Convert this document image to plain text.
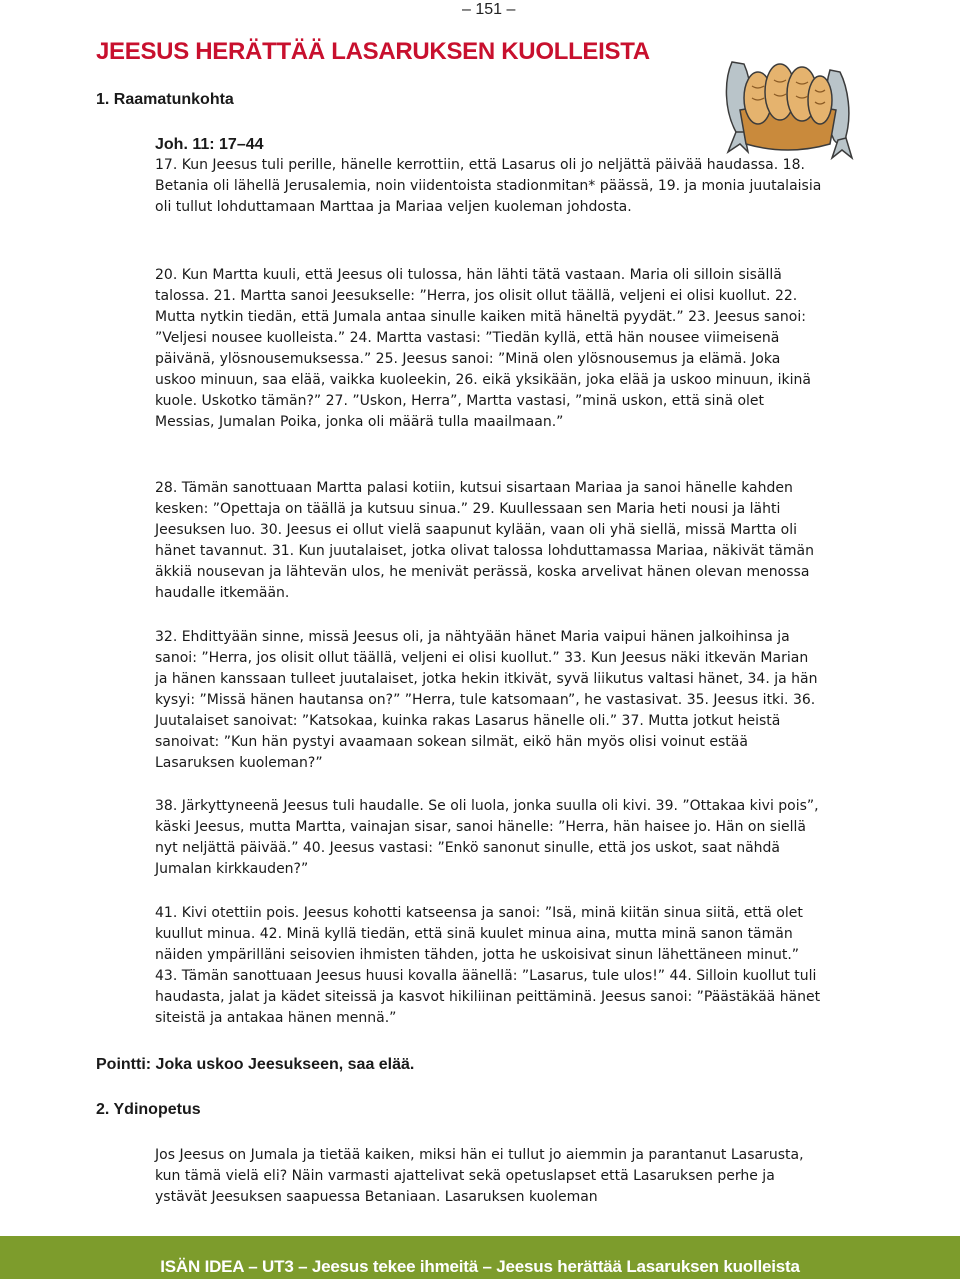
– 151 –
JEESUS HERÄTTÄÄ LASARUKSEN KUOLLEISTA
1. Raamatunkohta
Joh. 11: 17–44

17. Kun Jeesus tuli perille, hänelle kerrottiin, että Lasarus oli jo neljättä päivää haudassa. 18. Betania oli lähellä Jerusalemia, noin viidentoista stadionmitan* päässä, 19. ja monia juutalaisia oli tullut lohduttamaan Marttaa ja Mariaa veljen kuoleman johdosta.

20. Kun Martta kuuli, että Jeesus oli tulossa, hän lähti tätä vastaan. Maria oli silloin sisällä talossa. 21. Martta sanoi Jeesukselle: ”Herra, jos olisit ollut täällä, veljeni ei olisi kuollut. 22. Mutta nytkin tiedän, että Jumala antaa sinulle kaiken mitä häneltä pyydät.” 23. Jeesus sanoi: ”Veljesi nousee kuolleista.” 24. Martta vastasi: ”Tiedän kyllä, että hän nousee viimeisenä päivänä, ylösnousemuksessa.” 25. Jeesus sanoi: ”Minä olen ylösnousemus ja elämä. Joka uskoo minuun, saa elää, vaikka kuoleekin, 26. eikä yksikään, joka elää ja uskoo minuun, ikinä kuole. Uskotko tämän?” 27. ”Uskon, Herra”, Martta vastasi, ”minä uskon, että sinä olet Messias, Jumalan Poika, jonka oli määrä tulla maailmaan.”

28. Tämän sanottuaan Martta palasi kotiin, kutsui sisartaan Mariaa ja sanoi hänelle kahden kesken: ”Opettaja on täällä ja kutsuu sinua.” 29. Kuullessaan sen Maria heti nousi ja lähti Jeesuksen luo. 30. Jeesus ei ollut vielä saapunut kylään, vaan oli yhä siellä, missä Martta oli hänet tavannut. 31. Kun juutalaiset, jotka olivat talossa lohduttamassa Mariaa, näkivät tämän äkkiä nousevan ja lähtevän ulos, he menivät perässä, koska arvelivat hänen olevan menossa haudalle itkemään.

32. Ehdittyään sinne, missä Jeesus oli, ja nähtyään hänet Maria vaipui hänen jalkoihinsa ja sanoi: ”Herra, jos olisit ollut täällä, veljeni ei olisi kuollut.” 33. Kun Jeesus näki itkevän Marian ja hänen kanssaan tulleet juutalaiset, jotka hekin itkivät, syvä liikutus valtasi hänet, 34. ja hän kysyi: ”Missä hänen hautansa on?” ”Herra, tule katsomaan”, he vastasivat. 35. Jeesus itki. 36. Juutalaiset sanoivat: ”Katsokaa, kuinka rakas Lasarus hänelle oli.” 37. Mutta jotkut heistä sanoivat: ”Kun hän pystyi avaamaan sokean silmät, eikö hän myös olisi voinut estää Lasaruksen kuoleman?”

38. Järkyttyneenä Jeesus tuli haudalle. Se oli luola, jonka suulla oli kivi. 39. ”Ottakaa kivi pois”, käski Jeesus, mutta Martta, vainajan sisar, sanoi hänelle: ”Herra, hän haisee jo. Hän on siellä nyt neljättä päivää.” 40. Jeesus vastasi: ”Enkö sanonut sinulle, että jos uskot, saat nähdä Jumalan kirkkauden?”

41. Kivi otettiin pois. Jeesus kohotti katseensa ja sanoi: ”Isä, minä kiitän sinua siitä, että olet kuullut minua. 42. Minä kyllä tiedän, että sinä kuulet minua aina, mutta minä sanon tämän näiden ympärilläni seisovien ihmisten tähden, jotta he uskoisivat sinun lähettäneen minut.” 43. Tämän sanottuaan Jeesus huusi kovalla äänellä: ”Lasarus, tule ulos!” 44. Silloin kuollut tuli haudasta, jalat ja kädet siteissä ja kasvot hikiliinan peittäminä. Jeesus sanoi: ”Päästäkää hänet siteistä ja antakaa hänen mennä.”

Pointti: Joka uskoo Jeesukseen, saa elää.
2. Ydinopetus

Jos Jeesus on Jumala ja tietää kaiken, miksi hän ei tullut jo aiemmin ja parantanut Lasarusta, kun tämä vielä eli? Näin varmasti ajattelivat sekä opetuslapset että Lasaruksen perhe ja ystävät Jeesuksen saapuessa Betaniaan. Lasaruksen kuoleman

ISÄN IDEA – UT3 – Jeesus tekee ihmeitä – Jeesus herättää Lasaruksen kuolleista
